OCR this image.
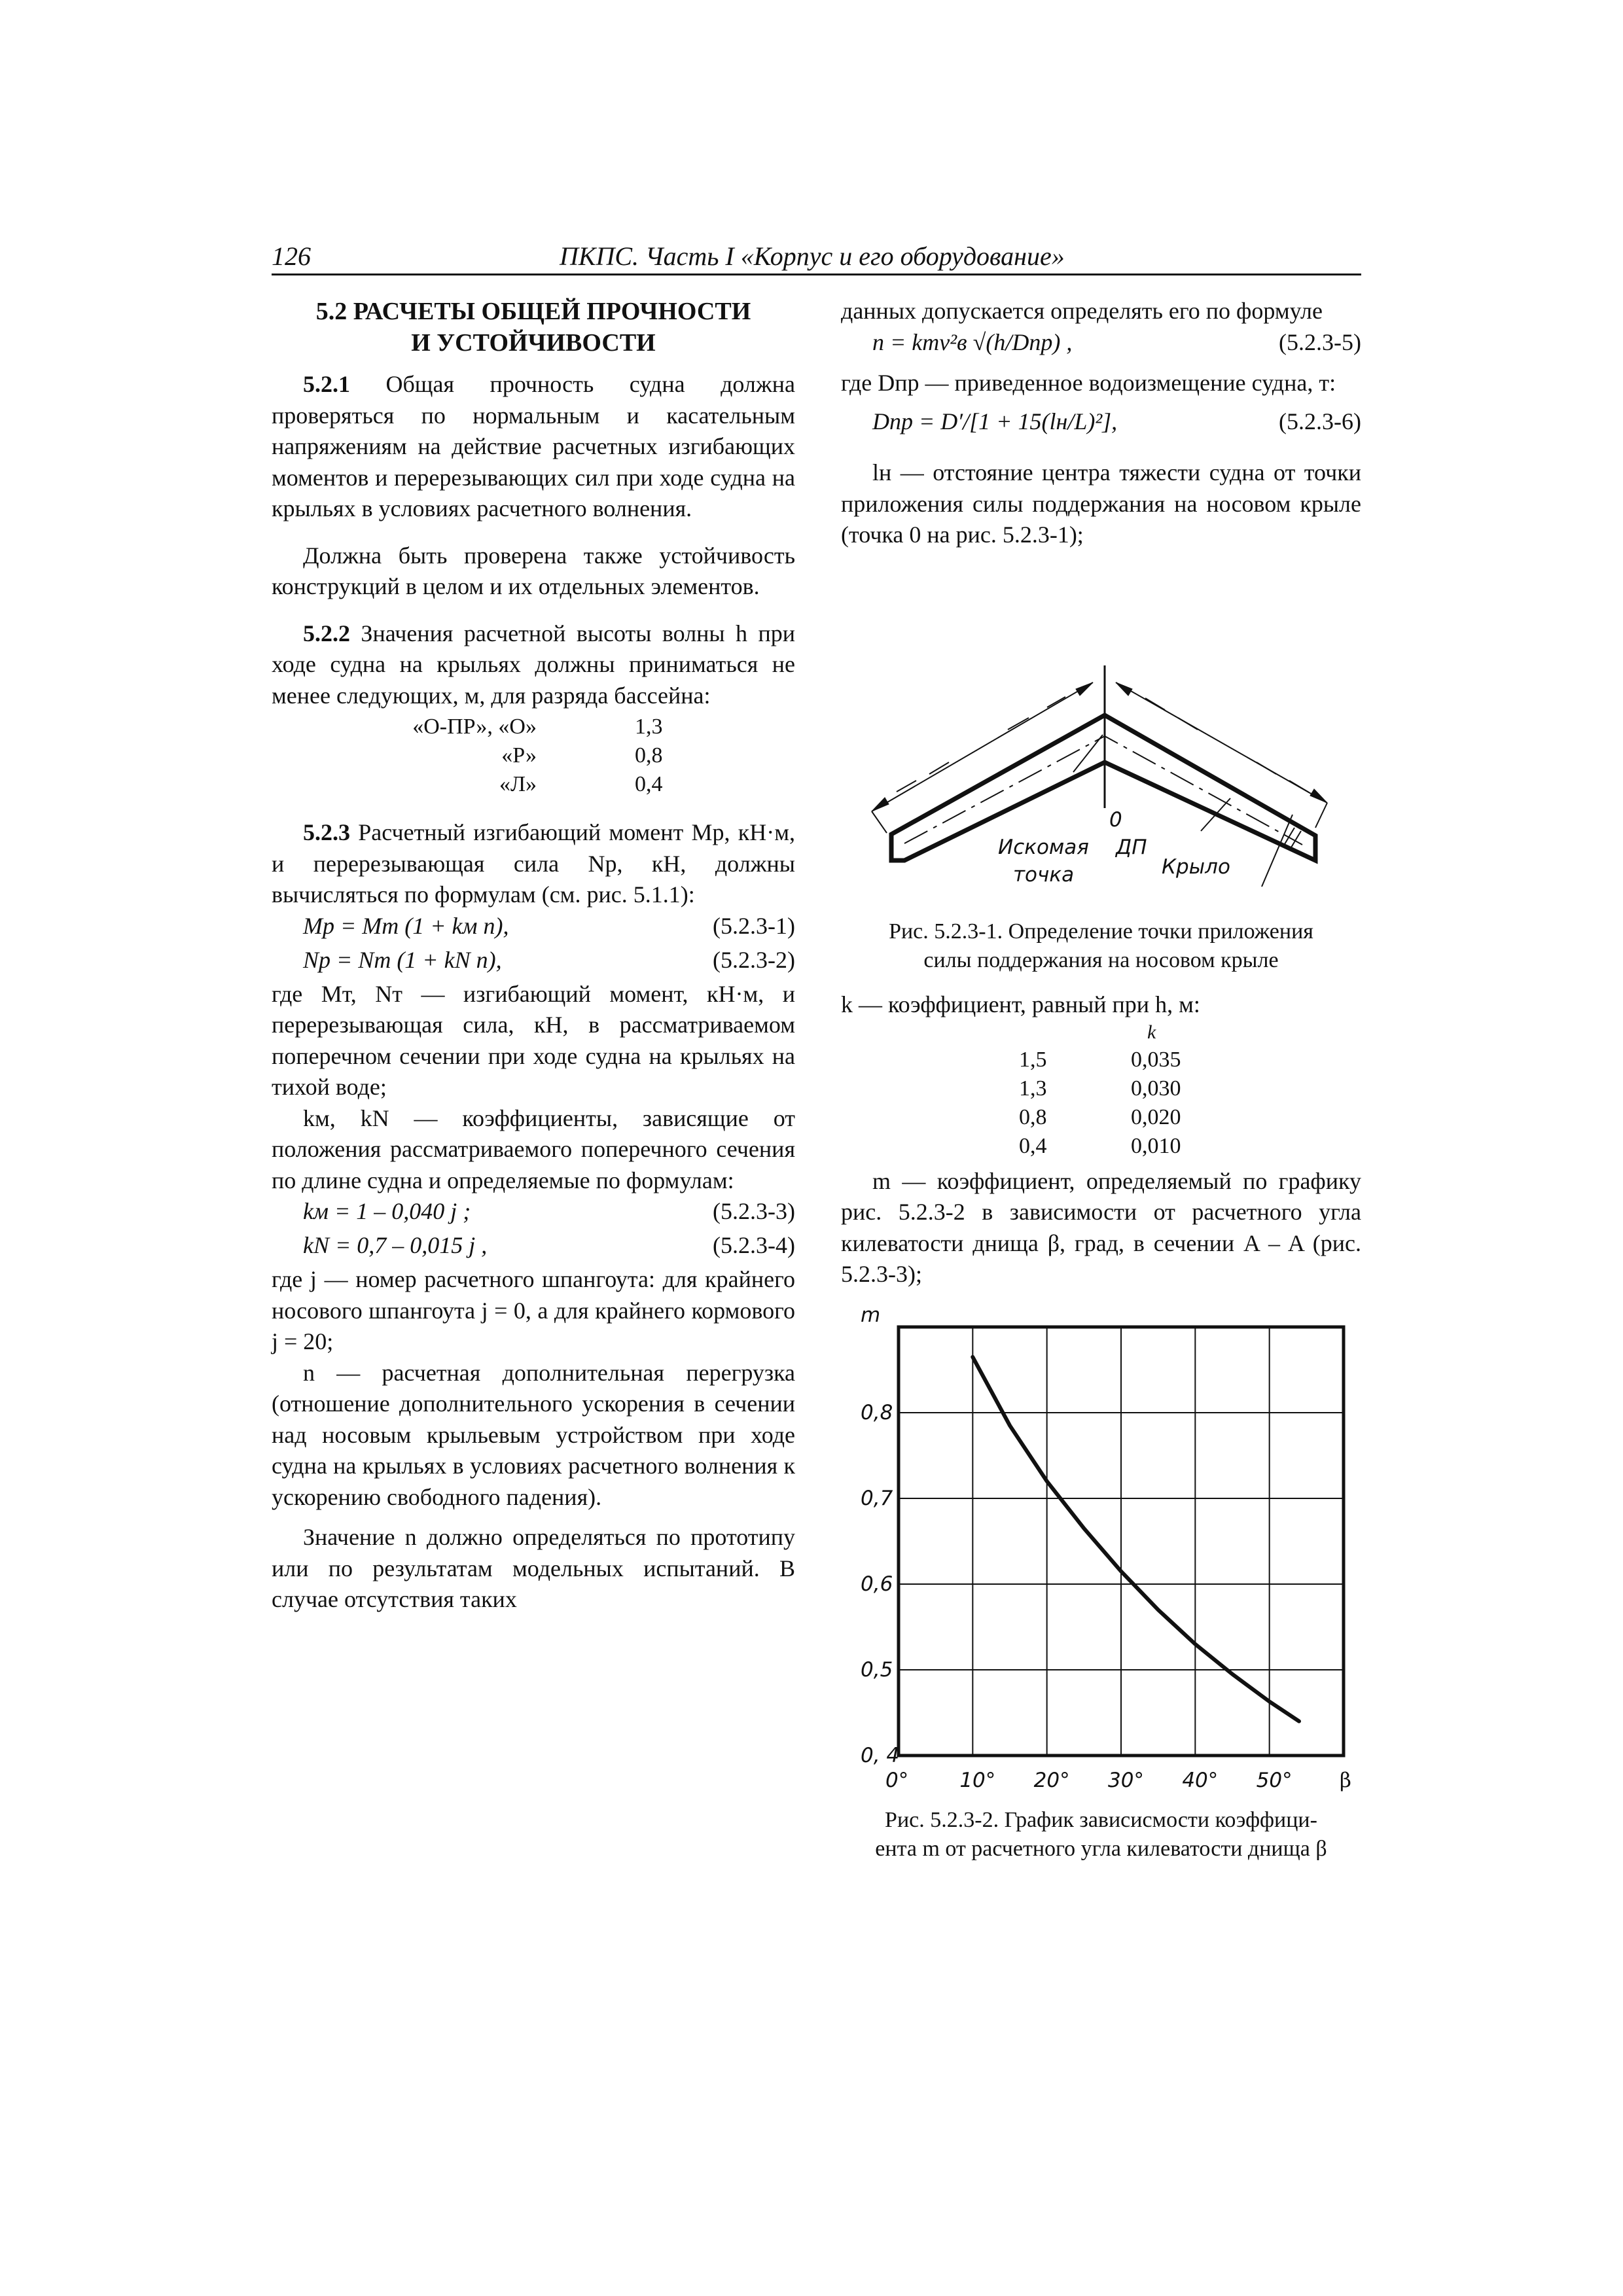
126	ПКПС. Часть I «Корпус и его оборудование»
5.2 РАСЧЕТЫ ОБЩЕЙ ПРОЧНОСТИ
И УСТОЙЧИВОСТИ

5.2.1 Общая прочность судна должна проверяться по нормальным и касательным напряжениям на действие расчетных изгибающих моментов и перерезывающих сил при ходе судна на крыльях в условиях расчетного волнения.

Должна быть проверена также устойчивость конструкций в целом и их отдельных элементов.

5.2.2 Значения расчетной высоты волны h при ходе судна на крыльях должны приниматься не менее следующих, м, для разряда бассейна:

«О-ПР», «О»	1,3
«Р»	0,8
«Л»	0,4

5.2.3 Расчетный изгибающий момент Mр, кН·м, и перерезывающая сила Nр, кН, должны вычисляться по формулам (см. рис. 5.1.1):

Mр = Mт (1 + kм n),	(5.2.3-1)
Nр = Nт (1 + kN n),	(5.2.3-2)

где Mт, Nт — изгибающий момент, кН·м, и перерезывающая сила, кН, в рассматриваемом поперечном сечении при ходе судна на крыльях на тихой воде;

kм, kN — коэффициенты, зависящие от положения рассматриваемого поперечного сечения по длине судна и определяемые по формулам:

kм = 1 – 0,040 j ;	(5.2.3-3)
kN = 0,7 – 0,015 j ,	(5.2.3-4)

где j — номер расчетного шпангоута: для крайнего носового шпангоута j = 0, а для крайнего кормового j = 20;

n — расчетная дополнительная перегрузка (отношение дополнительного ускорения в сечении над носовым крыльевым устройством при ходе судна на крыльях в условиях расчетного волнения к ускорению свободного падения).

Значение n должно определяться по прототипу или по результатам модельных испытаний. В случае отсутствия таких

данных допускается определять его по формуле

n = kmv²в √(h/Dпр) ,	(5.2.3-5)

где Dпр — приведенное водоизмещение судна, т:

Dпр = D′/[1 + 15(lн/L)²],	(5.2.3-6)

lн — отстояние центра тяжести судна от точки приложения силы поддержания на носовом крыле (точка 0 на рис. 5.2.3-1);

0
ДП
Искомая
точка	Крыло
Рис. 5.2.3-1. Определение точки приложения
силы поддержания на носовом крыле

k — коэффициент, равный при h, м:

k
1,5	0,035
1,3	0,030
0,8	0,020
0,4	0,010

m — коэффициент, определяемый по графику рис. 5.2.3-2 в зависимости от расчетного угла килеватости днища β, град, в сечении A – A (рис. 5.2.3-3);

0, 4
0,5
0,6
0,7
0,8
0°	10° 20° 30° 40° 50°
m
β
Рис. 5.2.3-2. График зависисмости коэффици-
ента m от расчетного угла килеватости днища β
